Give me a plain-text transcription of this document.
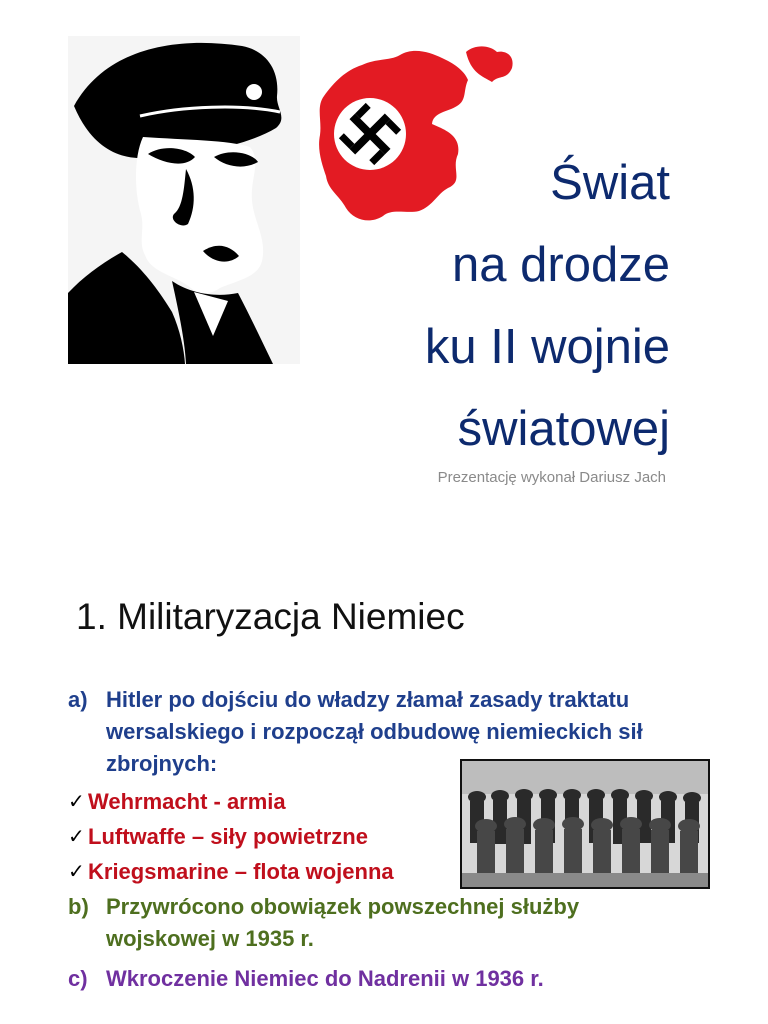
Świat
na drodze
ku II wojnie
światowej
Prezentację wykonał Dariusz Jach
1. Militaryzacja Niemiec
a) Hitler po dojściu do władzy złamał zasady traktatu wersalskiego i rozpoczął odbudowę niemieckich sił zbrojnych:
✓ Wehrmacht - armia
✓ Luftwaffe – siły powietrzne
✓ Kriegsmarine – flota wojenna
b) Przywrócono obowiązek powszechnej służby wojskowej w 1935 r.
c) Wkroczenie Niemiec do Nadrenii w 1936 r.
